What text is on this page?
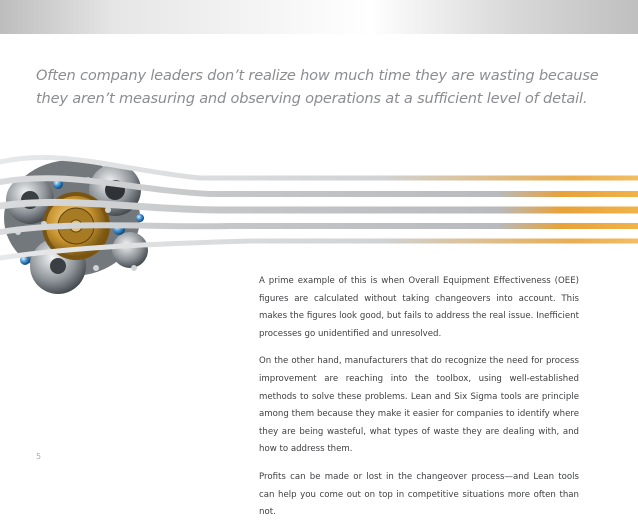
Often company leaders don’t realize how much time they are wasting because
they aren’t measuring and observing operations at a sufficient level of detail.

A prime example of this is when Overall Equipment Effectiveness (OEE) figures are calculated without taking changeovers into account. This makes the figures look good, but fails to address the real issue. Inefficient processes go unidentified and unresolved.

On the other hand, manufacturers that do recognize the need for process improvement are reaching into the toolbox, using well-established methods to solve these problems. Lean and Six Sigma tools are principle among them because they make it easier for companies to identify where they are being wasteful, what types of waste they are dealing with, and how to address them.

Profits can be made or lost in the changeover process—and Lean tools can help you come out on top in competitive situations more often than not.

5
